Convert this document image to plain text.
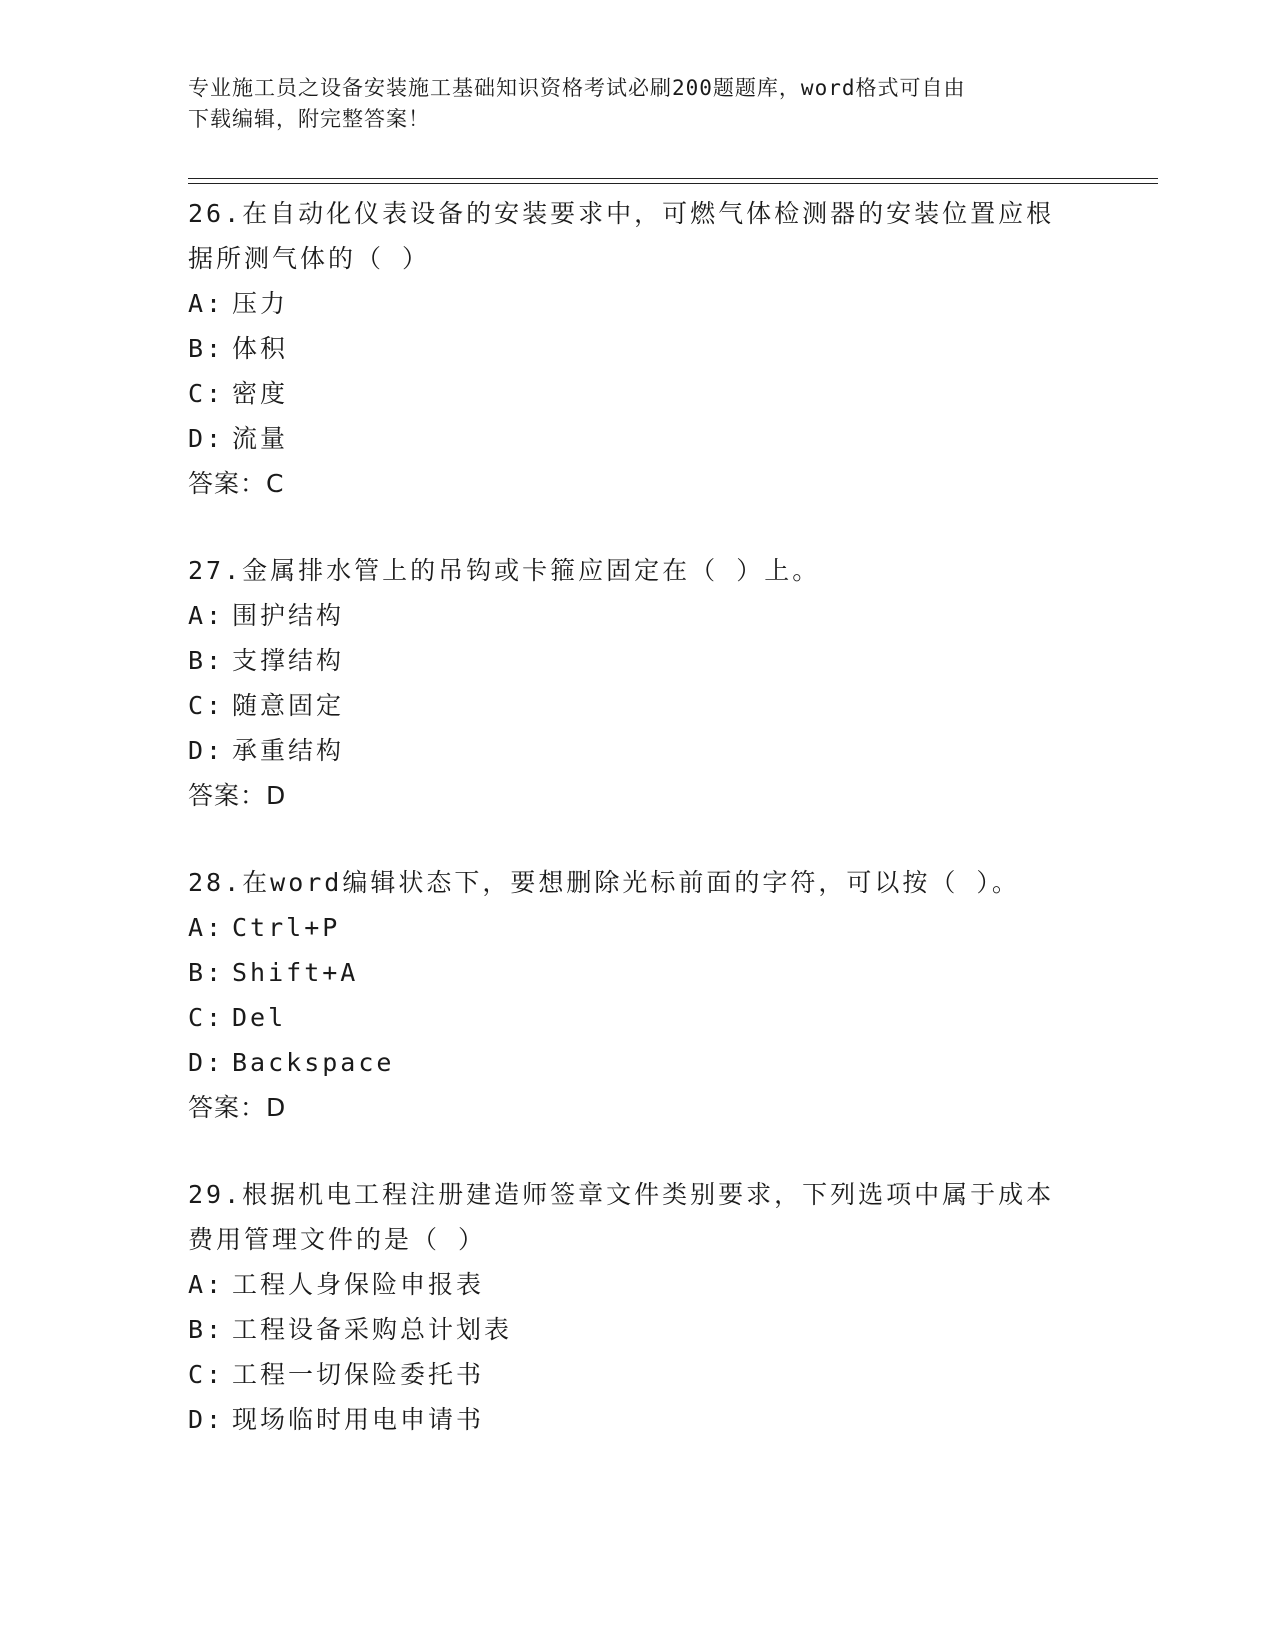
专业施工员之设备安装施工基础知识资格考试必刷200题题库，word格式可自由
下载编辑，附完整答案！
26.在自动化仪表设备的安装要求中，可燃气体检测器的安装位置应根
据所测气体的（ ）
A: 压力
B: 体积
C: 密度
D: 流量
答案：C
27.金属排水管上的吊钩或卡箍应固定在（ ）上。
A: 围护结构
B: 支撑结构
C: 随意固定
D: 承重结构
答案：D
28.在word编辑状态下，要想删除光标前面的字符，可以按（ ）。
A: Ctrl+P
B: Shift+A
C: Del
D: Backspace
答案：D
29.根据机电工程注册建造师签章文件类别要求，下列选项中属于成本
费用管理文件的是（ ）
A: 工程人身保险申报表
B: 工程设备采购总计划表
C: 工程一切保险委托书
D: 现场临时用电申请书
